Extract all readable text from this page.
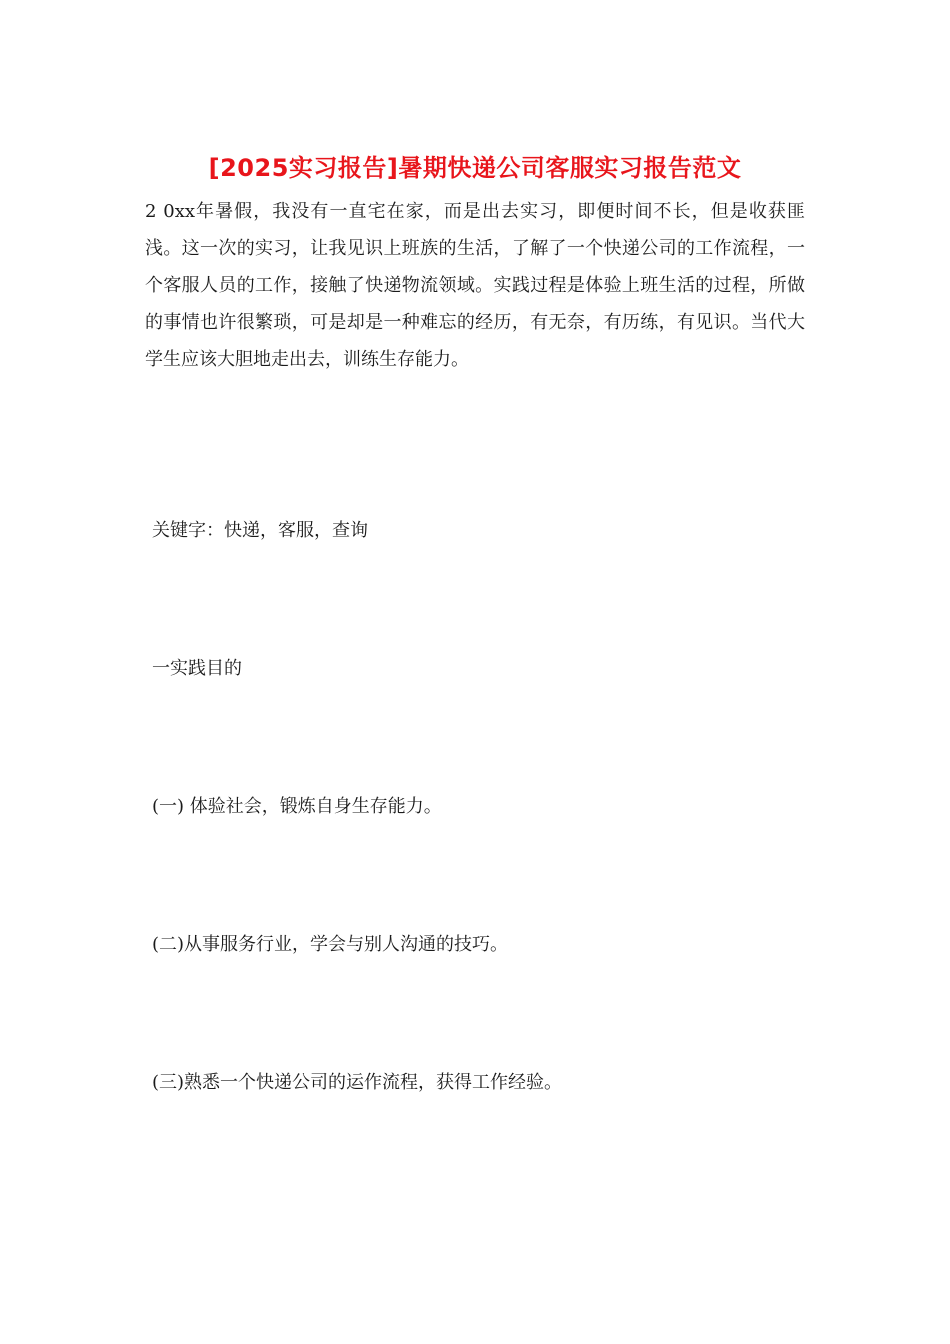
[2025实习报告]暑期快递公司客服实习报告范文

2 0xx年暑假，我没有一直宅在家，而是出去实习，即便时间不长，但是收获匪浅。这一次的实习，让我见识上班族的生活，了解了一个快递公司的工作流程，一个客服人员的工作，接触了快递物流领域。实践过程是体验上班生活的过程，所做的事情也许很繁琐，可是却是一种难忘的经历，有无奈，有历练，有见识。当代大学生应该大胆地走出去，训练生存能力。

关键字：快递，客服，查询

一实践目的

(一) 体验社会，锻炼自身生存能力。

(二)从事服务行业，学会与别人沟通的技巧。

(三)熟悉一个快递公司的运作流程，获得工作经验。
